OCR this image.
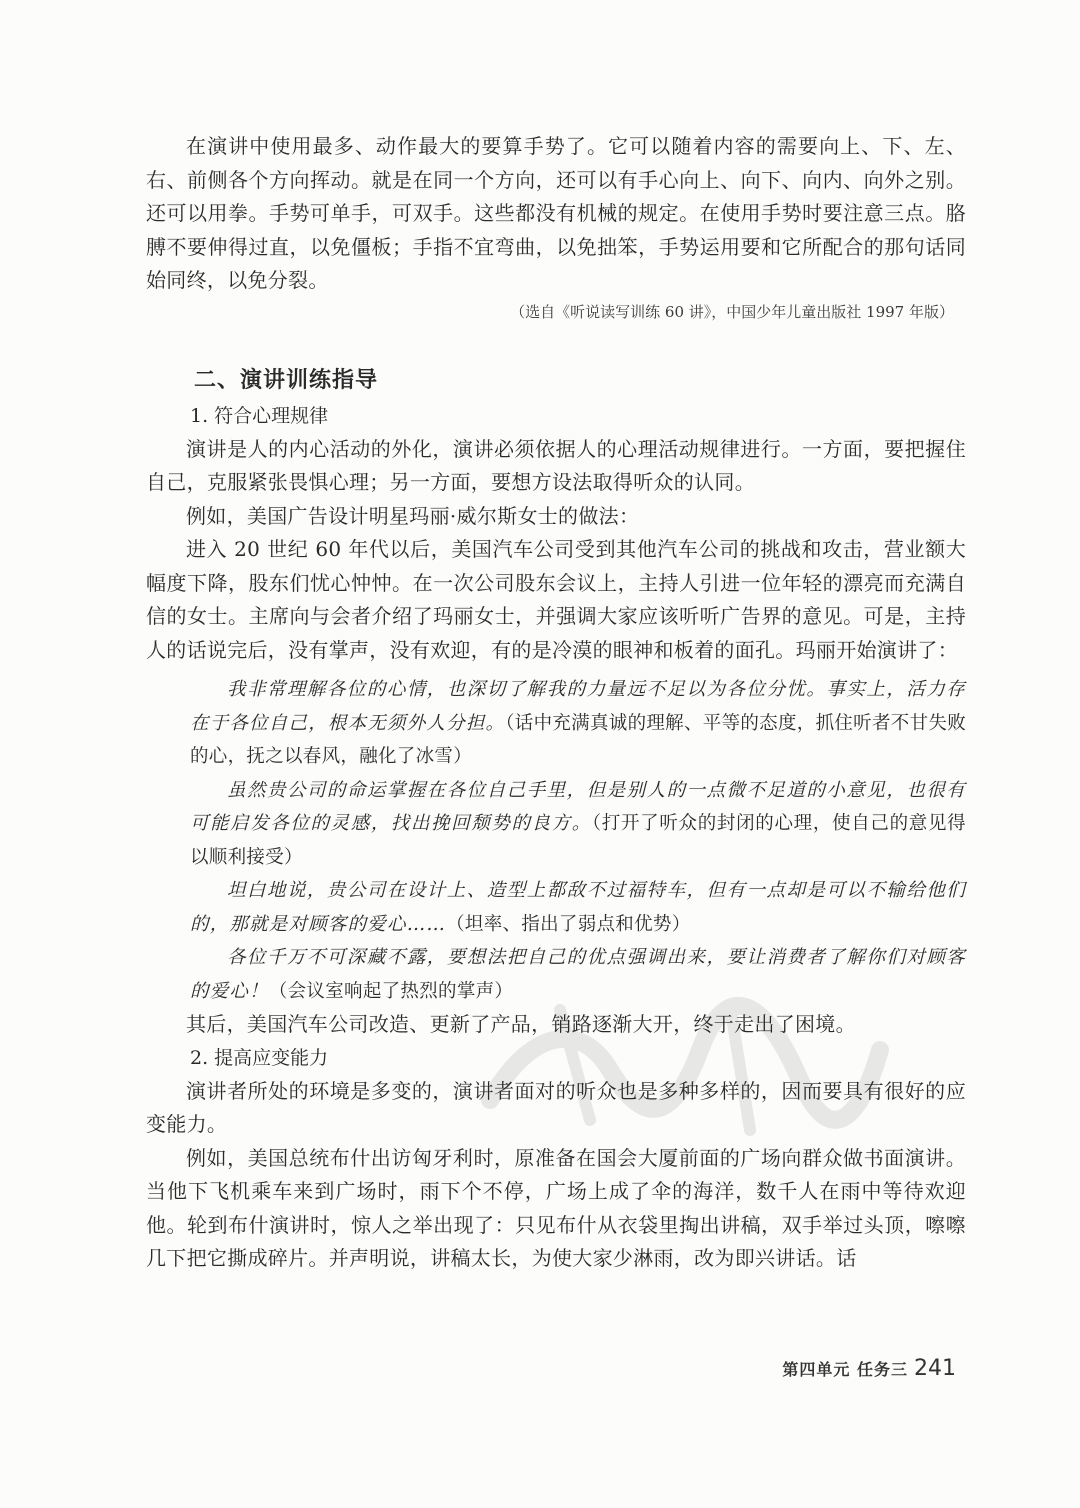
在演讲中使用最多、动作最大的要算手势了。它可以随着内容的需要向上、下、左、右、前侧各个方向挥动。就是在同一个方向，还可以有手心向上、向下、向内、向外之别。还可以用拳。手势可单手，可双手。这些都没有机械的规定。在使用手势时要注意三点。胳膊不要伸得过直，以免僵板；手指不宜弯曲，以免拙笨，手势运用要和它所配合的那句话同始同终，以免分裂。

（选自《听说读写训练 60 讲》，中国少年儿童出版社 1997 年版）

二、演讲训练指导
1. 符合心理规律

演讲是人的内心活动的外化，演讲必须依据人的心理活动规律进行。一方面，要把握住自己，克服紧张畏惧心理；另一方面，要想方设法取得听众的认同。

例如，美国广告设计明星玛丽·威尔斯女士的做法：

进入 20 世纪 60 年代以后，美国汽车公司受到其他汽车公司的挑战和攻击，营业额大幅度下降，股东们忧心忡忡。在一次公司股东会议上，主持人引进一位年轻的漂亮而充满自信的女士。主席向与会者介绍了玛丽女士，并强调大家应该听听广告界的意见。可是，主持人的话说完后，没有掌声，没有欢迎，有的是冷漠的眼神和板着的面孔。玛丽开始演讲了：

我非常理解各位的心情，也深切了解我的力量远不足以为各位分忧。事实上，活力存在于各位自己，根本无须外人分担。（话中充满真诚的理解、平等的态度，抓住听者不甘失败的心，抚之以春风，融化了冰雪）

虽然贵公司的命运掌握在各位自己手里，但是别人的一点微不足道的小意见，也很有可能启发各位的灵感，找出挽回颓势的良方。（打开了听众的封闭的心理，使自己的意见得以顺利接受）

坦白地说，贵公司在设计上、造型上都敌不过福特车，但有一点却是可以不输给他们的，那就是对顾客的爱心……（坦率、指出了弱点和优势）

各位千万不可深藏不露，要想法把自己的优点强调出来，要让消费者了解你们对顾客的爱心！（会议室响起了热烈的掌声）

其后，美国汽车公司改造、更新了产品，销路逐渐大开，终于走出了困境。

2. 提高应变能力

演讲者所处的环境是多变的，演讲者面对的听众也是多种多样的，因而要具有很好的应变能力。

例如，美国总统布什出访匈牙利时，原准备在国会大厦前面的广场向群众做书面演讲。当他下飞机乘车来到广场时，雨下个不停，广场上成了伞的海洋，数千人在雨中等待欢迎他。轮到布什演讲时，惊人之举出现了：只见布什从衣袋里掏出讲稿，双手举过头顶，嚓嚓几下把它撕成碎片。并声明说，讲稿太长，为使大家少淋雨，改为即兴讲话。话

第四单元 任务三 241
